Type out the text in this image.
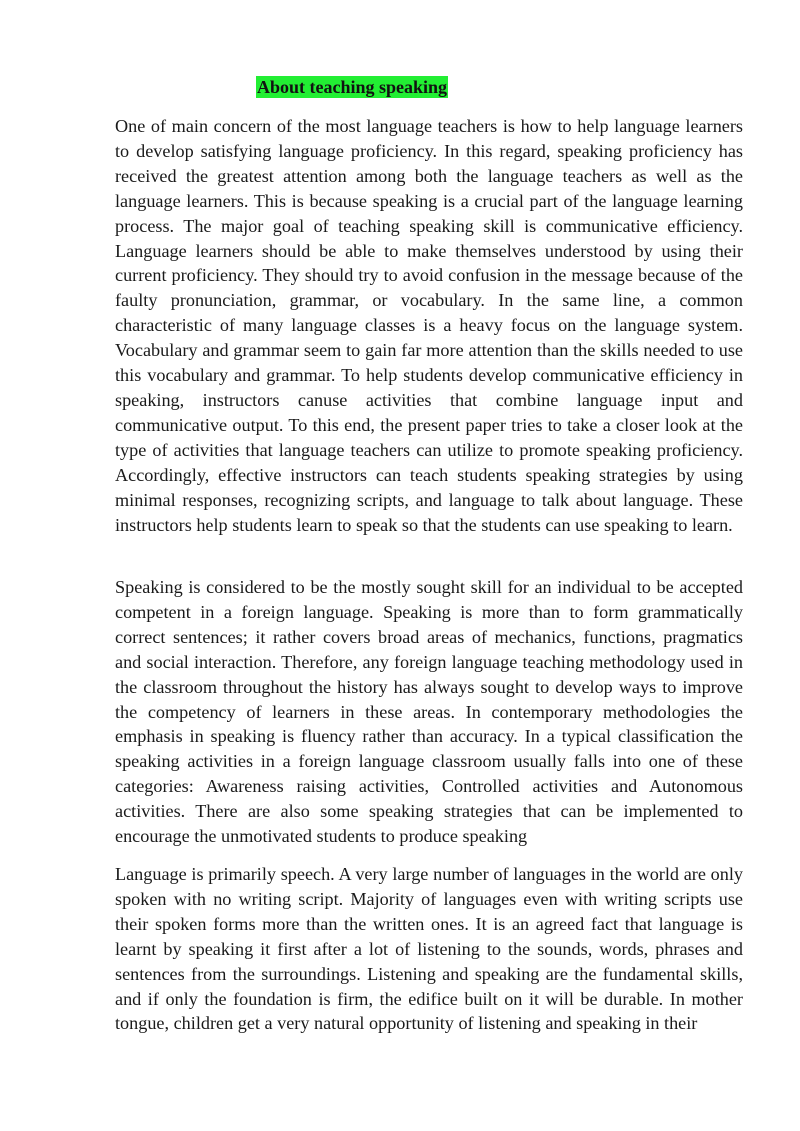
About teaching speaking

One of main concern of the most language teachers is how to help language learners to develop satisfying language proficiency. In this regard, speaking proficiency has received the greatest attention among both the language teachers as well as the language learners. This is because speaking is a crucial part of the language learning process. The major goal of teaching speaking skill is communicative efficiency. Language learners should be able to make themselves understood by using their current proficiency. They should try to avoid confusion in the message because of the faulty pronunciation, grammar, or vocabulary. In the same line, a common characteristic of many language classes is a heavy focus on the language system. Vocabulary and grammar seem to gain far more attention than the skills needed to use this vocabulary and grammar. To help students develop communicative efficiency in speaking, instructors canuse activities that combine language input and communicative output. To this end, the present paper tries to take a closer look at the type of activities that language teachers can utilize to promote speaking proficiency. Accordingly, effective instructors can teach students speaking strategies by using minimal responses, recognizing scripts, and language to talk about language. These instructors help students learn to speak so that the students can use speaking to learn.

Speaking is considered to be the mostly sought skill for an individual to be accepted competent in a foreign language. Speaking is more than to form grammatically correct sentences; it rather covers broad areas of mechanics, functions, pragmatics and social interaction. Therefore, any foreign language teaching methodology used in the classroom throughout the history has always sought to develop ways to improve the competency of learners in these areas. In contemporary methodologies the emphasis in speaking is fluency rather than accuracy. In a typical classification the speaking activities in a foreign language classroom usually falls into one of these categories: Awareness raising activities, Controlled activities and Autonomous activities. There are also some speaking strategies that can be implemented to encourage the unmotivated students to produce speaking

Language is primarily speech. A very large number of languages in the world are only spoken with no writing script. Majority of languages even with writing scripts use their spoken forms more than the written ones. It is an agreed fact that language is learnt by speaking it first after a lot of listening to the sounds, words, phrases and sentences from the surroundings. Listening and speaking are the fundamental skills, and if only the foundation is firm, the edifice built on it will be durable. In mother tongue, children get a very natural opportunity of listening and speaking in their
